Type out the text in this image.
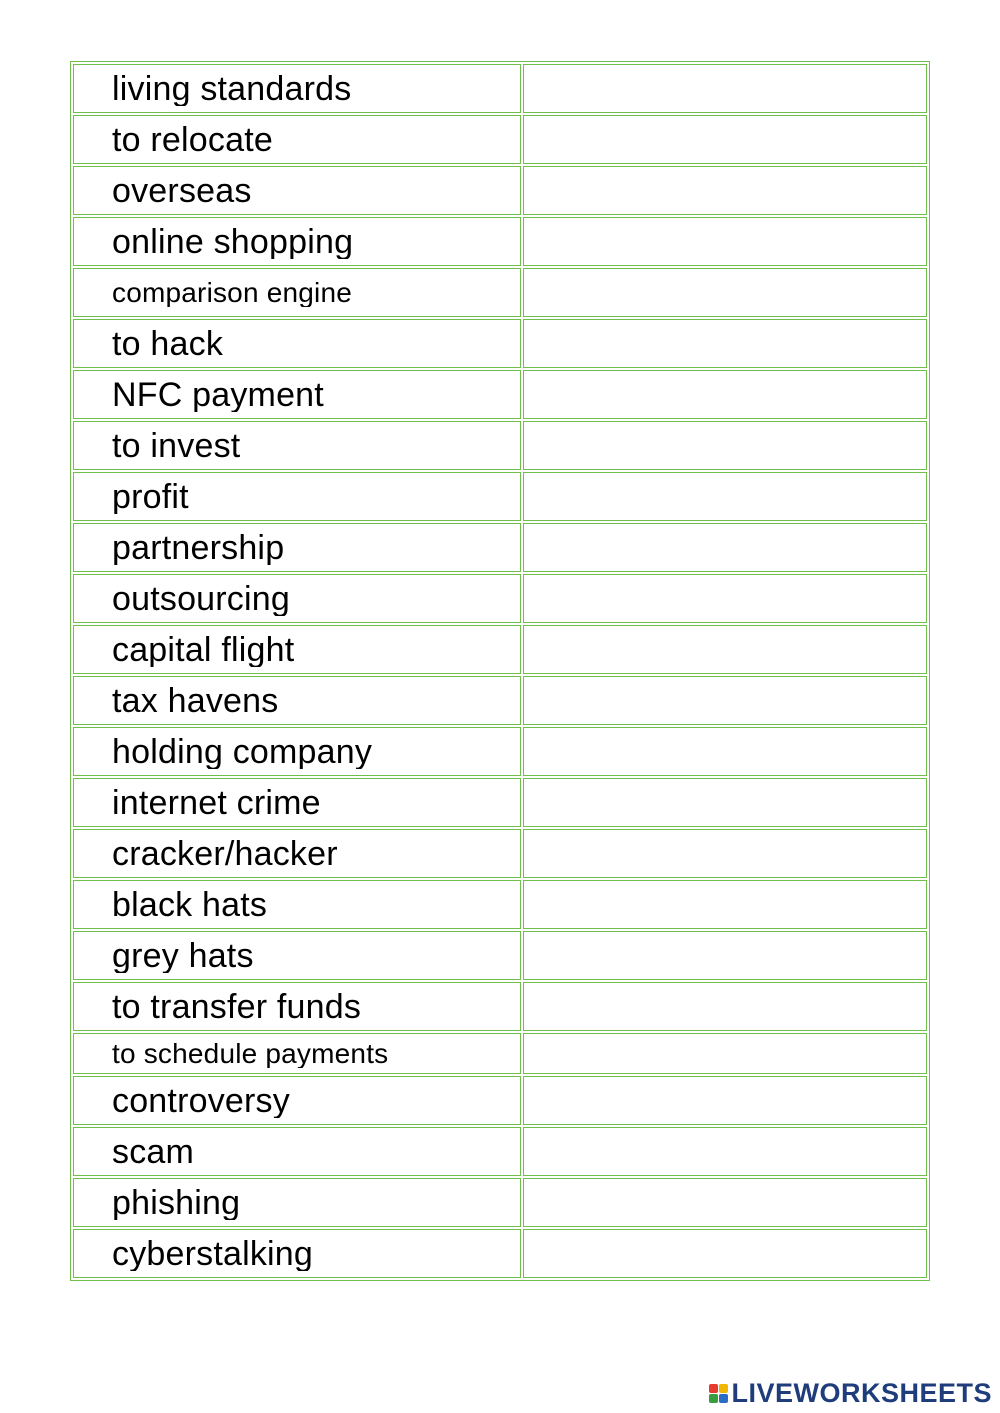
living standards

to relocate

overseas

online shopping

comparison engine

to hack

NFC payment

to invest

profit

partnership

outsourcing

capital flight

tax havens

holding company

internet crime

cracker/hacker

black hats

grey hats

to transfer funds

to schedule payments

controversy

scam

phishing

cyberstalking

LIVEWORKSHEETS
